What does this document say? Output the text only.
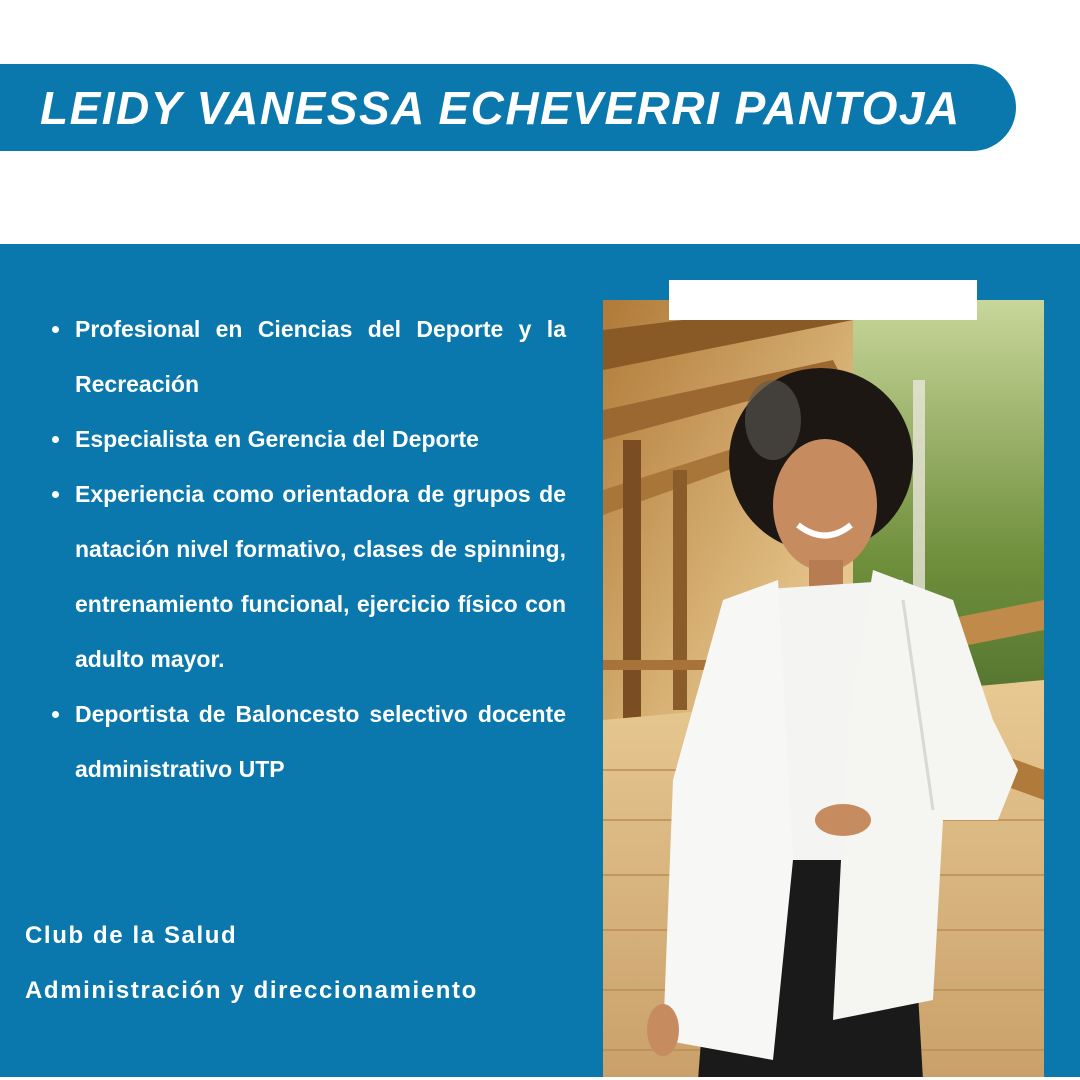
LEIDY VANESSA ECHEVERRI PANTOJA
Profesional en Ciencias del Deporte y la Recreación
Especialista en Gerencia del Deporte
Experiencia como orientadora de grupos de natación nivel formativo, clases de spinning, entrenamiento funcional, ejercicio físico con adulto mayor.
Deportista de Baloncesto selectivo docente administrativo UTP
Club de la Salud
Administración y direccionamiento
